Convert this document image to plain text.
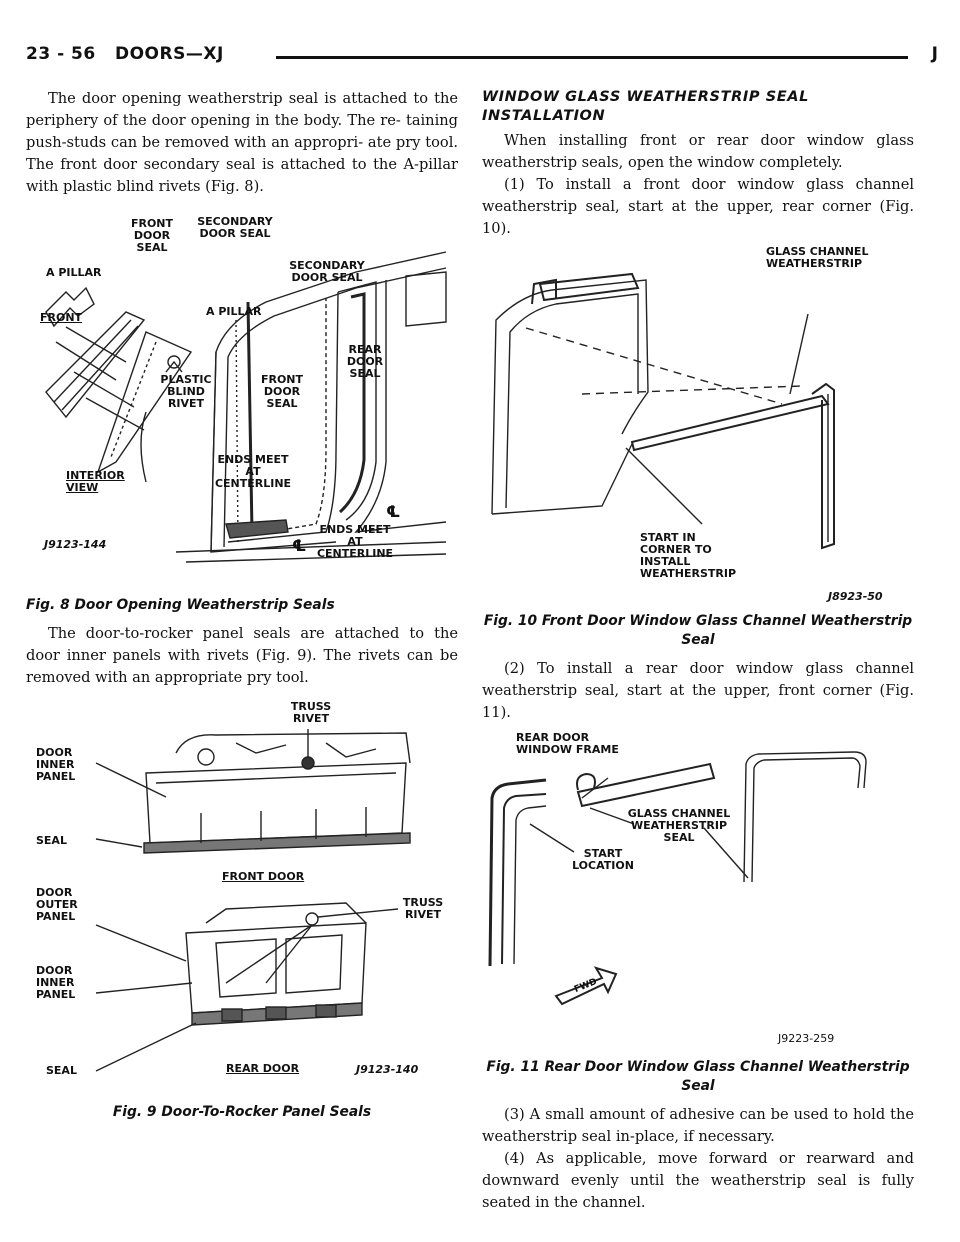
23 - 56 DOORS—XJ	J

The door opening weatherstrip seal is attached to the periphery of the door opening in the body. The re- taining push-studs can be removed with an appropri- ate pry tool. The front door secondary seal is attached to the A-pillar with plastic blind rivets (Fig. 8).

FRONT DOOR SEAL
SECONDARY DOOR SEAL
A PILLAR
SECONDARY DOOR SEAL
FRONT	A PILLAR
REAR DOOR SEAL
PLASTIC BLIND RIVET
FRONT DOOR SEAL
INTERIOR VIEW
ENDS MEET AT CENTERLINE
ENDS MEET AT CENTERLINE
℄
℄
J9123-144
Fig. 8 Door Opening Weatherstrip Seals

The door-to-rocker panel seals are attached to the door inner panels with rivets (Fig. 9). The rivets can be removed with an appropriate pry tool.

TRUSS RIVET
DOOR INNER PANEL
SEAL
FRONT DOOR
DOOR OUTER PANEL
TRUSS RIVET
DOOR INNER PANEL
SEAL	REAR DOOR	J9123-140
Fig. 9 Door-To-Rocker Panel Seals
WINDOW GLASS WEATHERSTRIP SEAL INSTALLATION

When installing front or rear door window glass weatherstrip seals, open the window completely.

(1) To install a front door window glass channel weatherstrip seal, start at the upper, rear corner (Fig. 10).

GLASS CHANNEL WEATHERSTRIP
START IN CORNER TO INSTALL WEATHERSTRIP
J8923-50
Fig. 10 Front Door Window Glass Channel Weatherstrip Seal

(2) To install a rear door window glass channel weatherstrip seal, start at the upper, front corner (Fig. 11).

REAR DOOR WINDOW FRAME
GLASS CHANNEL WEATHERSTRIP SEAL
START LOCATION
FWD
J9223-259
Fig. 11 Rear Door Window Glass Channel Weatherstrip Seal

(3) A small amount of adhesive can be used to hold the weatherstrip seal in-place, if necessary.

(4) As applicable, move forward or rearward and downward evenly until the weatherstrip seal is fully seated in the channel.
